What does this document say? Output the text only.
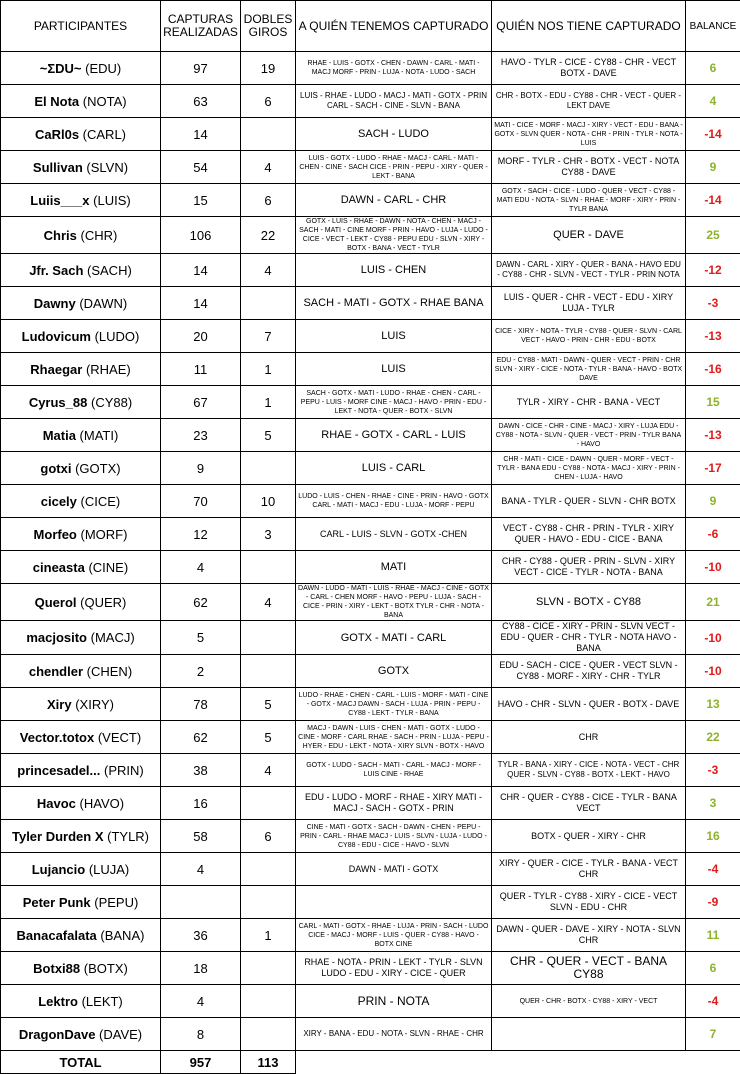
PARTICIPANTES	CAPTURAS REALIZADAS	DOBLES GIROS	A QUIÉN TENEMOS CAPTURADO	QUIÉN NOS TIENE CAPTURADO	BALANCE
~ΣDU~ (EDU)	97	19	RHAE - LUIS - GOTX - CHEN - DAWN - CARL - MATI - MACJ MORF - PRIN - LUJA - NOTA - LUDO - SACH	HAVO - TYLR - CICE - CY88 - CHR - VECT BOTX - DAVE	6
El Nota (NOTA)	63	6	LUIS - RHAE - LUDO - MACJ - MATI - GOTX - PRIN CARL - SACH - CINE - SLVN - BANA	CHR - BOTX - EDU - CY88 - CHR - VECT - QUER - LEKT DAVE	4
CaRl0s (CARL)	14		SACH - LUDO	MATI - CICE - MORF - MACJ - XIRY - VECT - EDU - BANA - GOTX - SLVN QUER - NOTA - CHR - PRIN - TYLR - NOTA - LUIS	-14
Sullivan (SLVN)	54	4	LUIS - GOTX - LUDO - RHAE - MACJ - CARL - MATI - CHEN - CINE - SACH CICE - PRIN - PEPU - XIRY - QUER - LEKT - BANA	MORF - TYLR - CHR - BOTX - VECT - NOTA CY88 - DAVE	9
Luiis___x (LUIS)	15	6	DAWN - CARL - CHR	GOTX - SACH - CICE - LUDO - QUER - VECT - CY88 - MATI EDU - NOTA - SLVN - RHAE - MORF - XIRY - PRIN - TYLR BANA	-14
Chris (CHR)	106	22	GOTX - LUIS - RHAE - DAWN - NOTA - CHEN - MACJ - SACH - MATI - CINE MORF - PRIN - HAVO - LUJA - LUDO - CICE - VECT - LEKT - CY88 - PEPU EDU - SLVN - XIRY - BOTX - BANA - VECT - TYLR	QUER - DAVE	25
Jfr. Sach (SACH)	14	4	LUIS - CHEN	DAWN - CARL - XIRY - QUER - BANA - HAVO EDU - CY88 - CHR - SLVN - VECT - TYLR - PRIN NOTA	-12
Dawny (DAWN)	14		SACH - MATI - GOTX - RHAE BANA	LUIS - QUER - CHR - VECT - EDU - XIRY LUJA - TYLR	-3
Ludovicum (LUDO)	20	7	LUIS	CICE - XIRY - NOTA - TYLR - CY88 - QUER - SLVN - CARL VECT - HAVO - PRIN - CHR - EDU - BOTX	-13
Rhaegar (RHAE)	11	1	LUIS	EDU - CY88 - MATI - DAWN - QUER - VECT - PRIN - CHR SLVN - XIRY - CICE - NOTA - TYLR - BANA - HAVO - BOTX DAVE	-16
Cyrus_88 (CY88)	67	1	SACH - GOTX - MATI - LUDO - RHAE - CHEN - CARL - PEPU - LUIS - MORF CINE - MACJ - HAVO - PRIN - EDU - LEKT - NOTA - QUER - BOTX - SLVN	TYLR - XIRY - CHR - BANA - VECT	15
Matia (MATI)	23	5	RHAE - GOTX - CARL - LUIS	DAWN - CICE - CHR - CINE - MACJ - XIRY - LUJA EDU - CY88 - NOTA - SLVN - QUER - VECT - PRIN - TYLR BANA - HAVO	-13
gotxi (GOTX)	9		LUIS - CARL	CHR - MATI - CICE - DAWN - QUER - MORF - VECT - TYLR - BANA EDU - CY88 - NOTA - MACJ - XIRY - PRIN - CHEN - LUJA - HAVO	-17
cicely (CICE)	70	10	LUDO - LUIS - CHEN - RHAE - CINE - PRIN - HAVO - GOTX CARL - MATI - MACJ - EDU - LUJA - MORF - PEPU	BANA - TYLR - QUER - SLVN - CHR BOTX	9
Morfeo (MORF)	12	3	CARL - LUIS - SLVN - GOTX -CHEN	VECT - CY88 - CHR - PRIN - TYLR - XIRY QUER - HAVO - EDU - CICE - BANA	-6
cineasta (CINE)	4		MATI	CHR - CY88 - QUER - PRIN - SLVN - XIRY VECT - CICE - TYLR - NOTA - BANA	-10
Querol (QUER)	62	4	DAWN - LUDO - MATI - LUIS - RHAE - MACJ - CINE - GOTX - CARL - CHEN MORF - HAVO - PEPU - LUJA - SACH - CICE - PRIN - XIRY - LEKT - BOTX TYLR - CHR - NOTA - BANA	SLVN - BOTX - CY88	21
macjosito (MACJ)	5		GOTX - MATI - CARL	CY88 - CICE - XIRY - PRIN - SLVN VECT - EDU - QUER - CHR - TYLR - NOTA HAVO - BANA	-10
chendler (CHEN)	2		GOTX	EDU - SACH - CICE - QUER - VECT SLVN - CY88 - MORF - XIRY - CHR - TYLR	-10
Xiry (XIRY)	78	5	LUDO - RHAE - CHEN - CARL - LUIS - MORF - MATI - CINE - GOTX - MACJ DAWN - SACH - LUJA - PRIN - PEPU - CY88 - LEKT - TYLR - BANA	HAVO - CHR - SLVN - QUER - BOTX - DAVE	13
Vector.totox (VECT)	62	5	MACJ - DAWN - LUIS - CHEN - MATI - GOTX - LUDO - CINE - MORF - CARL RHAE - SACH - PRIN - LUJA - PEPU - HYER - EDU - LEKT - NOTA - XIRY SLVN - BOTX - HAVO	CHR	22
princesadel... (PRIN)	38	4	GOTX - LUDO - SACH - MATI - CARL - MACJ - MORF - LUIS CINE - RHAE	TYLR - BANA - XIRY - CICE - NOTA - VECT - CHR QUER - SLVN - CY88 - BOTX - LEKT - HAVO	-3
Havoc (HAVO)	16		EDU - LUDO - MORF - RHAE - XIRY MATI - MACJ - SACH - GOTX - PRIN	CHR - QUER - CY88 - CICE - TYLR - BANA VECT	3
Tyler Durden X (TYLR)	58	6	CINE - MATI - GOTX - SACH - DAWN - CHEN - PEPU - PRIN - CARL - RHAE MACJ - LUIS - SLVN - LUJA - LUDO - CY88 - EDU - CICE - HAVO - SLVN	BOTX - QUER - XIRY - CHR	16
Lujancio (LUJA)	4		DAWN - MATI - GOTX	XIRY - QUER - CICE - TYLR - BANA - VECT CHR	-4
Peter Punk (PEPU)				QUER - TYLR - CY88 - XIRY - CICE - VECT SLVN - EDU - CHR	-9
Banacafalata (BANA)	36	1	CARL - MATI - GOTX - RHAE - LUJA - PRIN - SACH - LUDO CICE - MACJ - MORF - LUIS - QUER - CY88 - HAVO - BOTX CINE	DAWN - QUER - DAVE - XIRY - NOTA - SLVN CHR	11
Botxi88 (BOTX)	18		RHAE - NOTA - PRIN - LEKT - TYLR - SLVN LUDO - EDU - XIRY - CICE - QUER	CHR - QUER - VECT - BANA CY88	6
Lektro (LEKT)	4		PRIN - NOTA	QUER - CHR - BOTX - CY88 - XIRY - VECT	-4
DragonDave (DAVE)	8		XIRY - BANA - EDU - NOTA - SLVN - RHAE - CHR		7
TOTAL	957	113			
